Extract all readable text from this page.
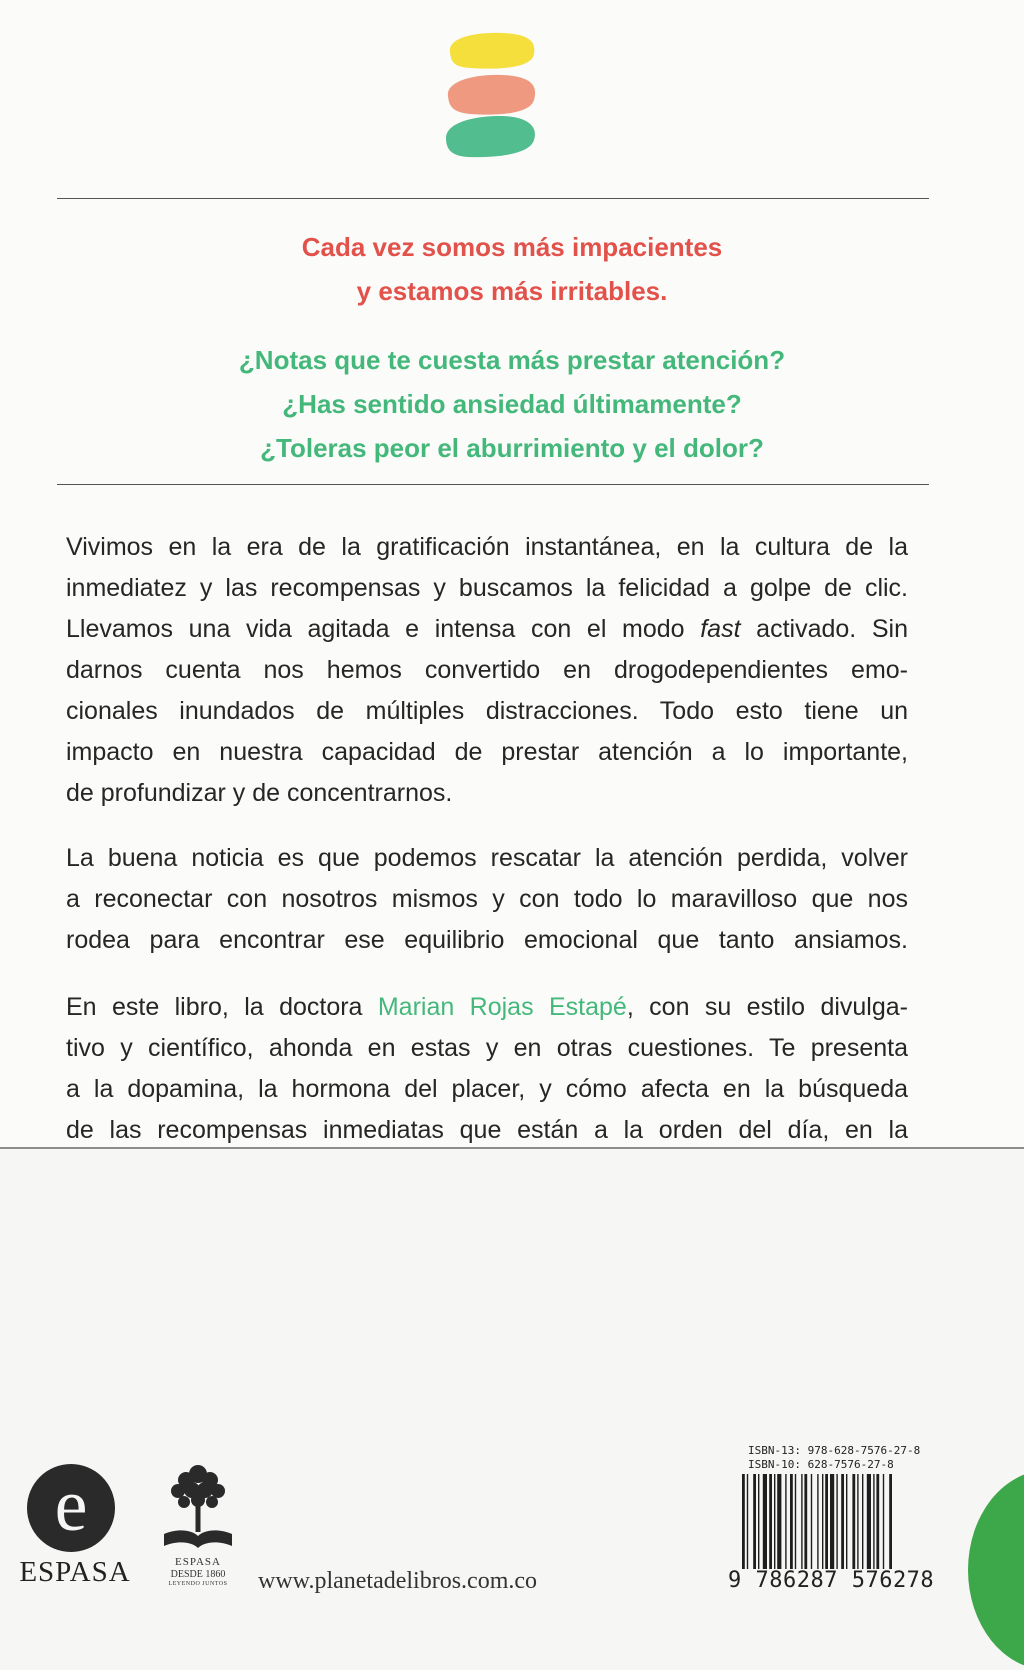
Cada vez somos más impacientes
y estamos más irritables.
¿Notas que te cuesta más prestar atención?
¿Has sentido ansiedad últimamente?
¿Toleras peor el aburrimiento y el dolor?
Vivimos en la era de la gratificación instantánea, en la cultura de la
inmediatez y las recompensas y buscamos la felicidad a golpe de clic.
Llevamos una vida agitada e intensa con el modo fast activado. Sin
darnos cuenta nos hemos convertido en drogodependientes emo-
cionales inundados de múltiples distracciones. Todo esto tiene un
impacto en nuestra capacidad de prestar atención a lo importante,
de profundizar y de concentrarnos.
La buena noticia es que podemos rescatar la atención perdida, volver
a reconectar con nosotros mismos y con todo lo maravilloso que nos
rodea para encontrar ese equilibrio emocional que tanto ansiamos.
En este libro, la doctora Marian Rojas Estapé, con su estilo divulga-
tivo y científico, ahonda en estas y en otras cuestiones. Te presenta
a la dopamina, la hormona del placer, y cómo afecta en la búsqueda
de las recompensas inmediatas que están a la orden del día, en la
e
ESPASA	ESPASA
DESDE 1860
LEYENDO JUNTOS	www.planetadelibros.com.co
ISBN-13: 978-628-7576-27-8
ISBN-10: 628-7576-27-8
9 786287 576278
